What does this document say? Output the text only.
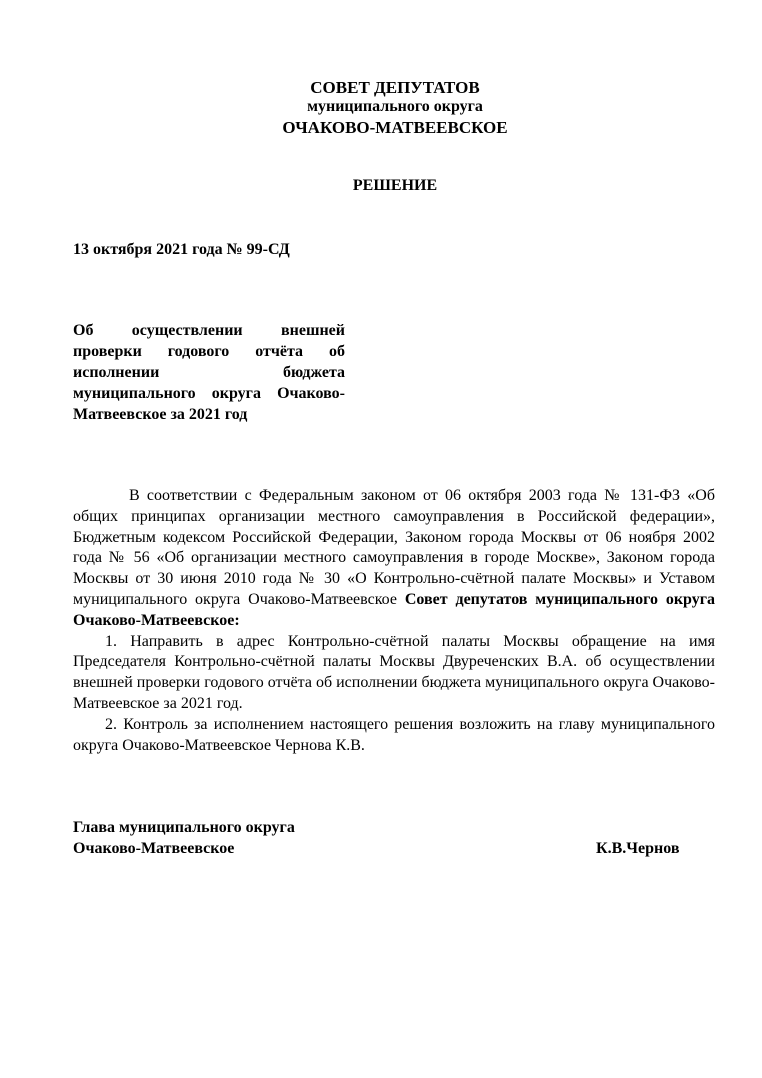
СОВЕТ ДЕПУТАТОВ
муниципального округа
ОЧАКОВО-МАТВЕЕВСКОЕ
РЕШЕНИЕ
13 октября 2021 года № 99-СД
Об осуществлении внешней проверки годового отчёта об исполнении бюджета муниципального округа Очаково-Матвеевское за 2021 год

В соответствии с Федеральным законом от 06 октября 2003 года № 131-ФЗ «Об общих принципах организации местного самоуправления в Российской федерации», Бюджетным кодексом Российской Федерации, Законом города Москвы от 06 ноября 2002 года № 56 «Об организации местного самоуправления в городе Москве», Законом города Москвы от 30 июня 2010 года № 30 «О Контрольно-счётной палате Москвы» и Уставом муниципального округа Очаково-Матвеевское Совет депутатов муниципального округа Очаково-Матвеевское:

1. Направить в адрес Контрольно-счётной палаты Москвы обращение на имя Председателя Контрольно-счётной палаты Москвы Двуреченских В.А. об осуществлении внешней проверки годового отчёта об исполнении бюджета муниципального округа Очаково-Матвеевское за 2021 год.

2. Контроль за исполнением настоящего решения возложить на главу муниципального округа Очаково-Матвеевское Чернова К.В.

Глава муниципального округа
Очаково-Матвеевское	К.В.Чернов
